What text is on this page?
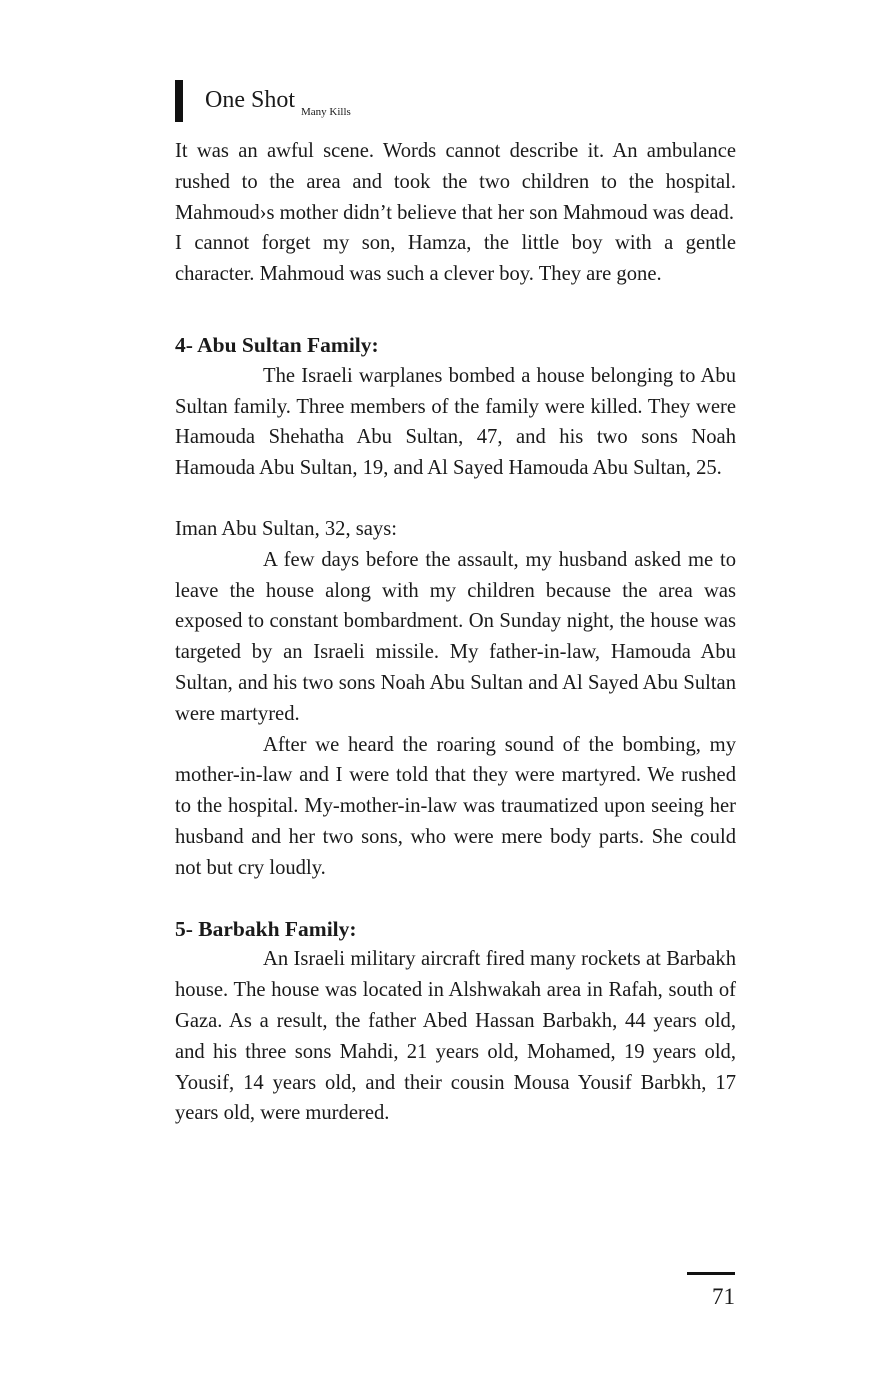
One Shot Many Kills

It was an awful scene. Words cannot describe it. An ambulance rushed to the area and took the two children to the hospital. Mahmoud›s mother didn’t believe that her son Mahmoud was dead.

I cannot forget my son, Hamza, the little boy with a gentle character. Mahmoud was such a clever boy. They are gone.

4- Abu Sultan Family:

The Israeli warplanes bombed a house belonging to Abu Sultan family. Three members of the family were killed. They were Hamouda Shehatha Abu Sultan, 47, and his two sons Noah Hamouda Abu Sultan, 19, and Al Sayed Hamouda Abu Sultan, 25.

Iman Abu Sultan, 32, says:

A few days before the assault, my husband asked me to leave the house along with my children because the area was exposed to constant bombardment. On Sunday night, the house was targeted by an Israeli missile. My father-in-law, Hamouda Abu Sultan, and his two sons Noah Abu Sultan and Al Sayed Abu Sultan were martyred.

After we heard the roaring sound of the bombing, my mother-in-law and I were told that they were martyred. We rushed to the hospital. My-mother-in-law was traumatized upon seeing her husband and her two sons, who were mere body parts. She could not but cry loudly.

5- Barbakh Family:

An Israeli military aircraft fired many rockets at Barbakh house. The house was located in Alshwakah area in Rafah, south of Gaza. As a result, the father Abed Hassan Barbakh, 44 years old, and his three sons Mahdi, 21 years old, Mohamed, 19 years old, Yousif, 14 years old, and their cousin Mousa Yousif Barbkh, 17 years old, were murdered.

71
